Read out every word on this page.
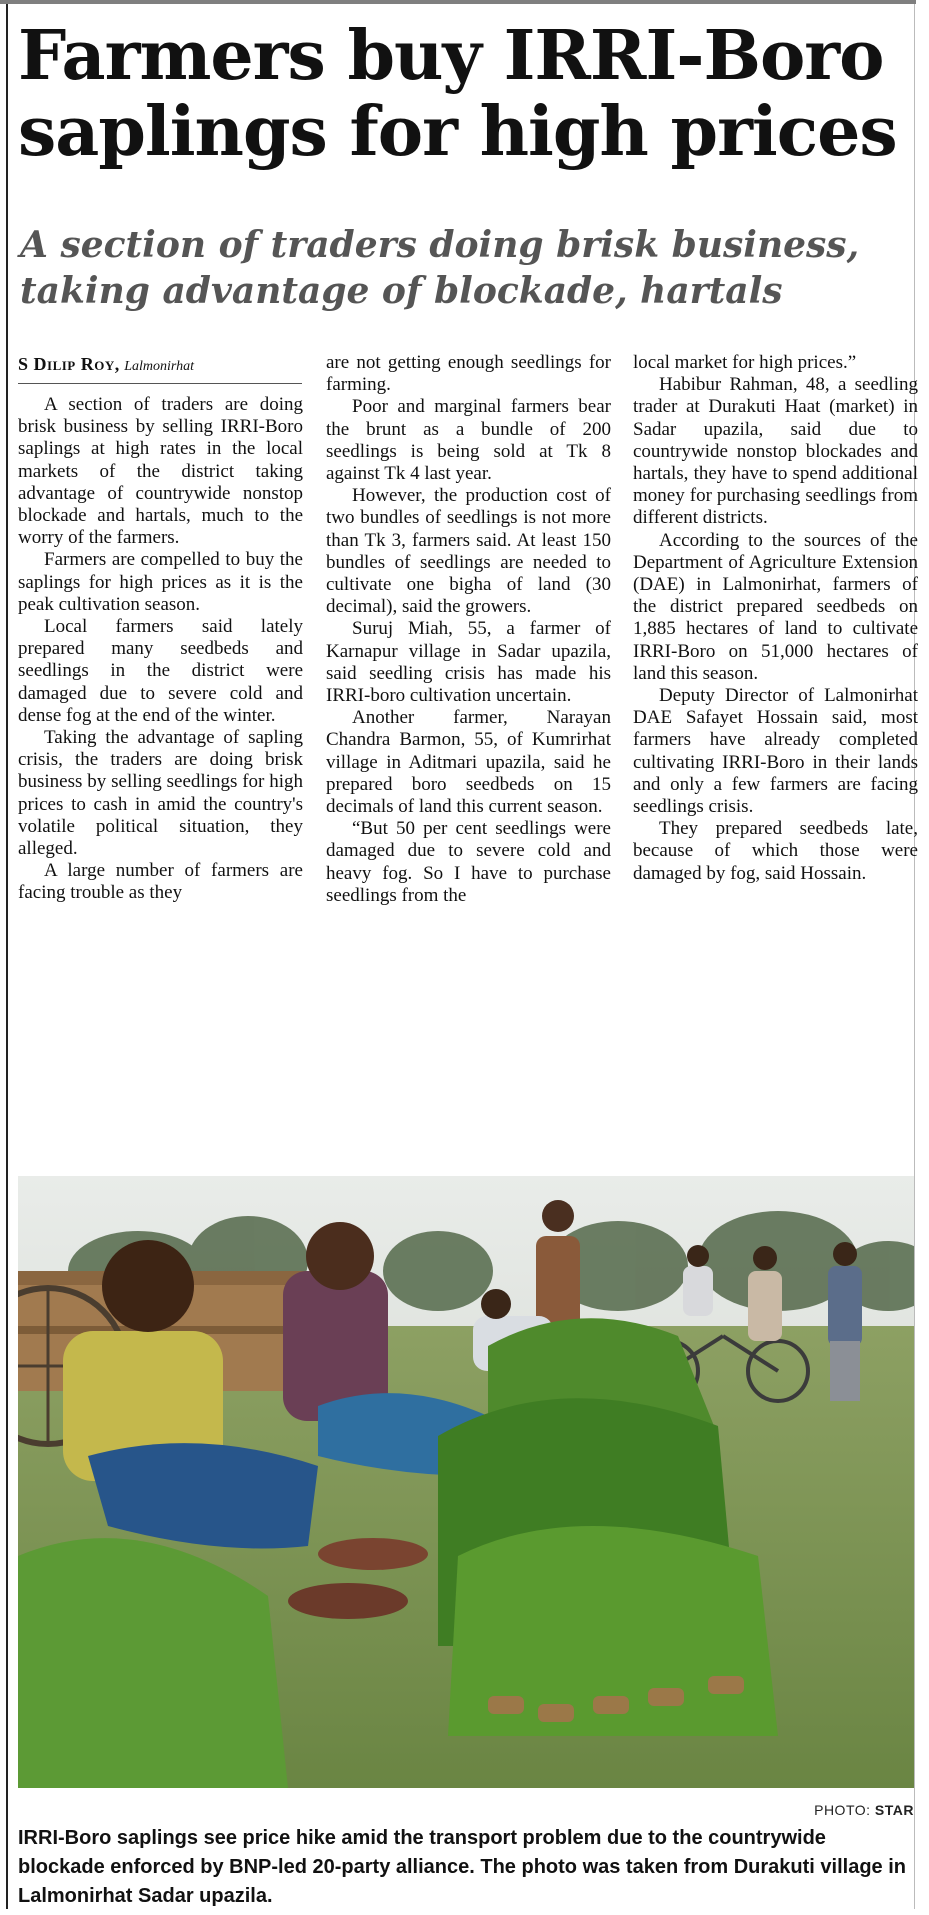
Farmers buy IRRI-Boro saplings for high prices
A section of traders doing brisk business, taking advantage of blockade, hartals
S Dilip Roy, Lalmonirhat

A section of traders are doing brisk business by selling IRRI-Boro saplings at high rates in the local markets of the district taking advantage of countrywide nonstop blockade and hartals, much to the worry of the farmers.

Farmers are compelled to buy the saplings for high prices as it is the peak cultivation season.

Local farmers said lately prepared many seedbeds and seedlings in the district were damaged due to severe cold and dense fog at the end of the winter.

Taking the advantage of sapling crisis, the traders are doing brisk business by selling seedlings for high prices to cash in amid the country's volatile political situation, they alleged.

A large number of farmers are facing trouble as they

are not getting enough seedlings for farming.

Poor and marginal farmers bear the brunt as a bundle of 200 seedlings is being sold at Tk 8 against Tk 4 last year.

However, the production cost of two bundles of seedlings is not more than Tk 3, farmers said. At least 150 bundles of seedlings are needed to cultivate one bigha of land (30 decimal), said the growers.

Suruj Miah, 55, a farmer of Karnapur village in Sadar upazila, said seedling crisis has made his IRRI-boro cultivation uncertain.

Another farmer, Narayan Chandra Barmon, 55, of Kumrirhat village in Aditmari upazila, said he prepared boro seedbeds on 15 decimals of land this current season.

“But 50 per cent seedlings were damaged due to severe cold and heavy fog. So I have to purchase seedlings from the

local market for high prices.”

Habibur Rahman, 48, a seedling trader at Durakuti Haat (market) in Sadar upazila, said due to countrywide nonstop blockades and hartals, they have to spend additional money for purchasing seedlings from different districts.

According to the sources of the Department of Agriculture Extension (DAE) in Lalmonirhat, farmers of the district prepared seedbeds on 1,885 hectares of land to cultivate IRRI-Boro on 51,000 hectares of land this season.

Deputy Director of Lalmonirhat DAE Safayet Hossain said, most farmers have already completed cultivating IRRI-Boro in their lands and only a few farmers are facing seedlings crisis.

They prepared seedbeds late, because of which those were damaged by fog, said Hossain.

PHOTO: STAR

IRRI-Boro saplings see price hike amid the transport problem due to the countrywide blockade enforced by BNP-led 20-party alliance. The photo was taken from Durakuti village in Lalmonirhat Sadar upazila.
